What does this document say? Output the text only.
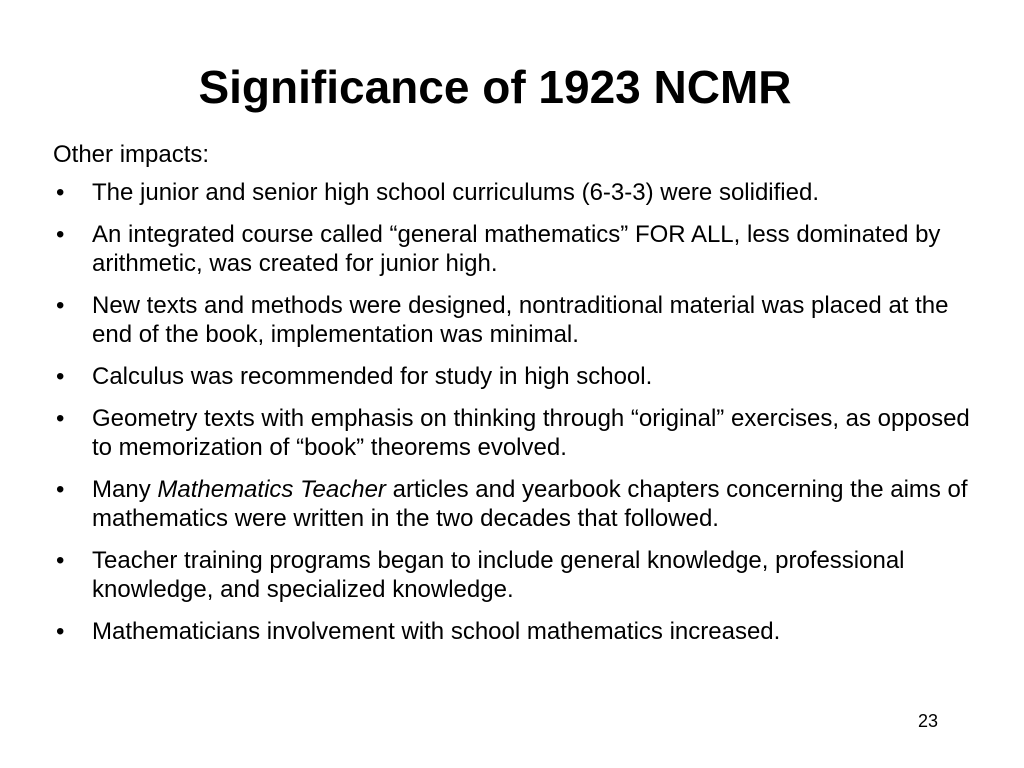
Significance of 1923 NCMR

Other impacts:

• The junior and senior high school curriculums (6-3-3) were solidified.
• An integrated course called “general mathematics” FOR ALL, less dominated by arithmetic, was created for junior high.
• New texts and methods were designed, nontraditional material was placed at the end of the book, implementation was minimal.
• Calculus was recommended for study in high school.
• Geometry texts with emphasis on thinking through “original” exercises, as opposed to memorization of “book” theorems evolved.
• Many Mathematics Teacher articles and yearbook chapters concerning the aims of mathematics were written in the two decades that followed.
• Teacher training programs began to include general knowledge, professional knowledge, and specialized knowledge.
• Mathematicians involvement with school mathematics increased.
23
